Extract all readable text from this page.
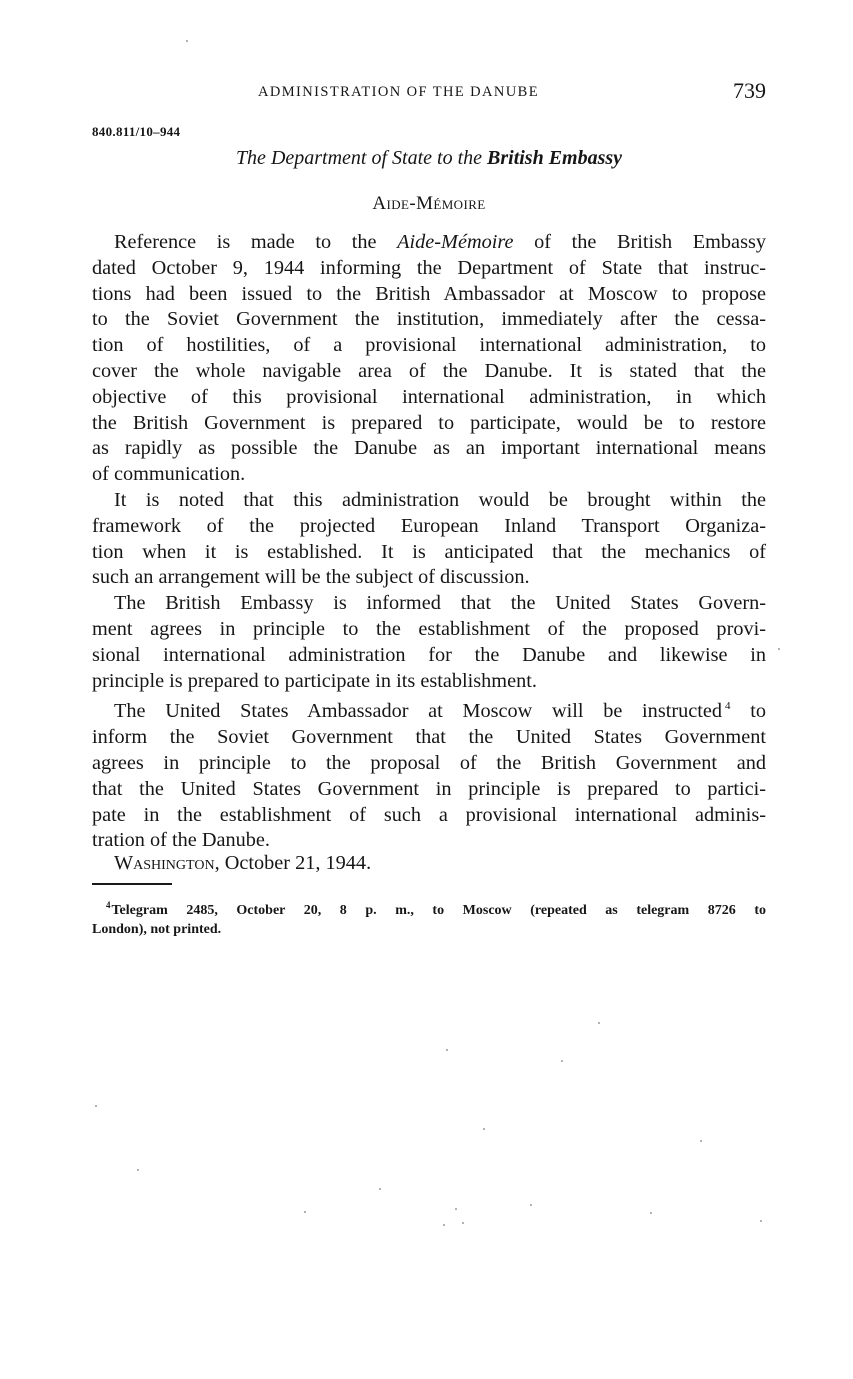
ADMINISTRATION OF THE DANUBE	739
840.811/10–944
The Department of State to the British Embassy
Aide-Mémoire
Reference is made to the Aide-Mémoire of the British Embassy
dated October 9, 1944 informing the Department of State that instruc-
tions had been issued to the British Ambassador at Moscow to propose
to the Soviet Government the institution, immediately after the cessa-
tion of hostilities, of a provisional international administration, to
cover the whole navigable area of the Danube. It is stated that the
objective of this provisional international administration, in which
the British Government is prepared to participate, would be to restore
as rapidly as possible the Danube as an important international means
of communication.
It is noted that this administration would be brought within the
framework of the projected European Inland Transport Organiza-
tion when it is established. It is anticipated that the mechanics of
such an arrangement will be the subject of discussion.
The British Embassy is informed that the United States Govern-
ment agrees in principle to the establishment of the proposed provi-
sional international administration for the Danube and likewise in
principle is prepared to participate in its establishment.
The United States Ambassador at Moscow will be instructed $^4$ to
inform the Soviet Government that the United States Government
agrees in principle to the proposal of the British Government and
that the United States Government in principle is prepared to partici-
pate in the establishment of such a provisional international adminis-
tration of the Danube.
Washington, October 21, 1944.
$^4$Telegram 2485, October 20, 8 p. m., to Moscow (repeated as telegram 8726 to
London), not printed.
